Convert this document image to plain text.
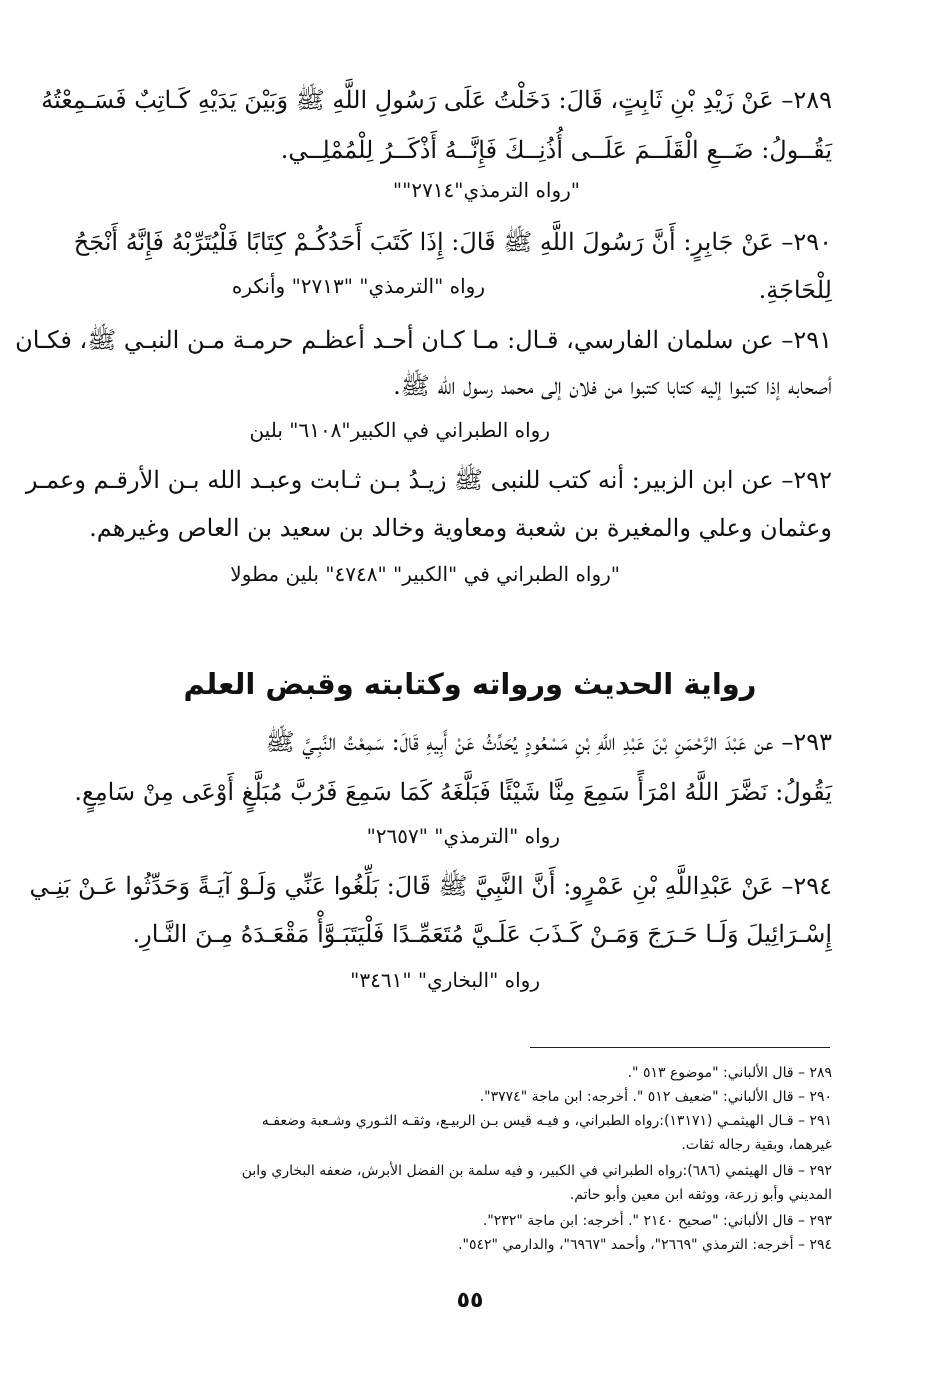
٢٨٩– عَنْ زَيْدِ بْنِ ثَابِتٍ، قَالَ: دَخَلْتُ عَلَى رَسُولِ اللَّهِ ﷺ وَبَيْنَ يَدَيْهِ كَـاتِبٌ فَسَـمِعْتُهُ
يَقُــولُ: ضَــعِ الْقَلَــمَ عَلَــى أُذُنِــكَ فَإِنَّــهُ أَذْكَــرُ لِلْمُمْلِــي.
"رواه الترمذي"٢٧١٤""
٢٩٠– عَنْ جَابِرٍ: أَنَّ رَسُولَ اللَّهِ ﷺ قَالَ: إِذَا كَتَبَ أَحَدُكُـمْ كِتَابًا فَلْيُتَرِّبْهُ فَإِنَّهُ أَنْجَحُ
لِلْحَاجَةِ.
رواه "الترمذي" "٢٧١٣" وأنكره
٢٩١– عن سلمان الفارسي، قـال: مـا كـان أحـد أعظـم حرمـة مـن النبـي ﷺ، فكـان
أصحابه إذا كتبوا إليه كتابا كتبوا من فلان إلى محمد رسول الله ﷺ.
رواه الطبراني في الكبير"٦١٠٨" بلين
٢٩٢– عن ابن الزبير: أنه كتب للنبى ﷺ زيـدُ بـن ثـابت وعبـد الله بـن الأرقـم وعمـر
وعثمان وعلي والمغيرة بن شعبة ومعاوية وخالد بن سعيد بن العاص وغيرهم.
"رواه الطبراني في "الكبير" "٤٧٤٨" بلين مطولا
رواية الحديث ورواته وكتابته وقبض العلم
٢٩٣– عن عَبْدَ الرَّحْمَنِ بْنَ عَبْدِ اللَّهِ بْنِ مَسْعُودٍ يُحَدِّثُ عَنْ أَبِيهِ قَالَ: سَمِعْتُ النَّبِـيَّ ﷺ
يَقُولُ: نَضَّرَ اللَّهُ امْرَأً سَمِعَ مِنَّا شَيْئًا فَبَلَّغَهُ كَمَا سَمِعَ فَرُبَّ مُبَلَّغٍ أَوْعَى مِنْ سَامِعٍ.
رواه "الترمذي" "٢٦٥٧"
٢٩٤– عَنْ عَبْدِاللَّهِ بْنِ عَمْرٍو: أَنَّ النَّبِيَّ ﷺ قَالَ: بَلِّغُوا عَنِّي وَلَـوْ آيَـةً وَحَدِّثُوا عَـنْ بَنِـي
إِسْـرَائِيلَ وَلَـا حَـرَجَ وَمَـنْ كَـذَبَ عَلَـيَّ مُتَعَمِّـدًا فَلْيَتَبَـوَّأْ مَقْعَـدَهُ مِـنَ النَّـارِ.
رواه "البخاري" "٣٤٦١"
٢٨٩ – قال الألباني: "موضوع ٥١٣ ".
٢٩٠ – قال الألباني: "ضعيف ٥١٢ ". أخرجه: ابن ماجة "٣٧٧٤".
٢٩١ – قـال الهيثمـي (١٣١٧١):رواه الطبراني، و فيـه قيس بـن الربيـع، وثقـه الثـوري وشـعبة وضعفـه
غيرهما، وبقية رجاله ثقات.
٢٩٢ – قال الهيثمي (٦٨٦):رواه الطبراني في الكبير، و فيه سلمة بن الفضل الأبرش، ضعفه البخاري وابن
المديني وأبو زرعة، ووثقه ابن معين وأبو حاتم.
٢٩٣ – قال الألباني: "صحيح ٢١٤٠ ". أخرجه: ابن ماجة "٢٣٢".
٢٩٤ – أخرجه: الترمذي "٢٦٦٩"، وأحمد "٦٩٦٧"، والدارمي "٥٤٢".
٥٥
